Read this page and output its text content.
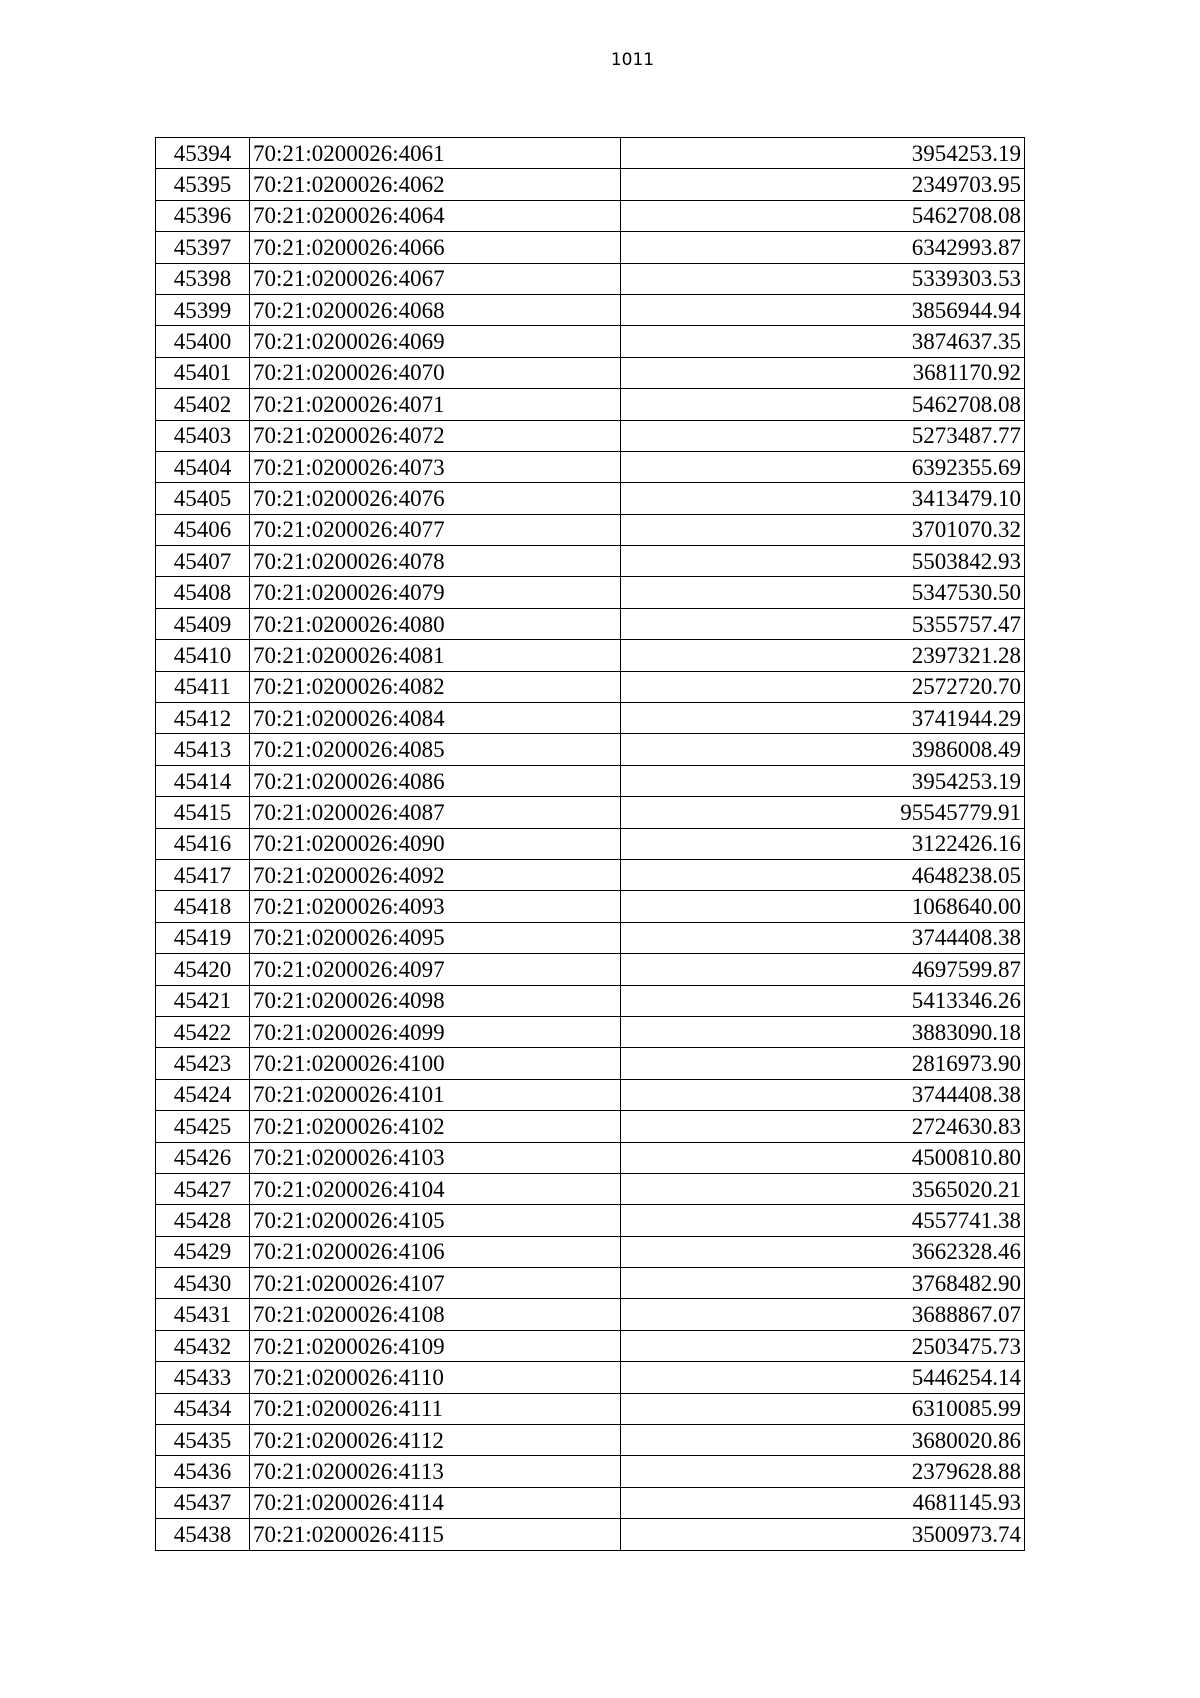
1011
45394	70:21:0200026:4061	3954253.19
45395	70:21:0200026:4062	2349703.95
45396	70:21:0200026:4064	5462708.08
45397	70:21:0200026:4066	6342993.87
45398	70:21:0200026:4067	5339303.53
45399	70:21:0200026:4068	3856944.94
45400	70:21:0200026:4069	3874637.35
45401	70:21:0200026:4070	3681170.92
45402	70:21:0200026:4071	5462708.08
45403	70:21:0200026:4072	5273487.77
45404	70:21:0200026:4073	6392355.69
45405	70:21:0200026:4076	3413479.10
45406	70:21:0200026:4077	3701070.32
45407	70:21:0200026:4078	5503842.93
45408	70:21:0200026:4079	5347530.50
45409	70:21:0200026:4080	5355757.47
45410	70:21:0200026:4081	2397321.28
45411	70:21:0200026:4082	2572720.70
45412	70:21:0200026:4084	3741944.29
45413	70:21:0200026:4085	3986008.49
45414	70:21:0200026:4086	3954253.19
45415	70:21:0200026:4087	95545779.91
45416	70:21:0200026:4090	3122426.16
45417	70:21:0200026:4092	4648238.05
45418	70:21:0200026:4093	1068640.00
45419	70:21:0200026:4095	3744408.38
45420	70:21:0200026:4097	4697599.87
45421	70:21:0200026:4098	5413346.26
45422	70:21:0200026:4099	3883090.18
45423	70:21:0200026:4100	2816973.90
45424	70:21:0200026:4101	3744408.38
45425	70:21:0200026:4102	2724630.83
45426	70:21:0200026:4103	4500810.80
45427	70:21:0200026:4104	3565020.21
45428	70:21:0200026:4105	4557741.38
45429	70:21:0200026:4106	3662328.46
45430	70:21:0200026:4107	3768482.90
45431	70:21:0200026:4108	3688867.07
45432	70:21:0200026:4109	2503475.73
45433	70:21:0200026:4110	5446254.14
45434	70:21:0200026:4111	6310085.99
45435	70:21:0200026:4112	3680020.86
45436	70:21:0200026:4113	2379628.88
45437	70:21:0200026:4114	4681145.93
45438	70:21:0200026:4115	3500973.74
